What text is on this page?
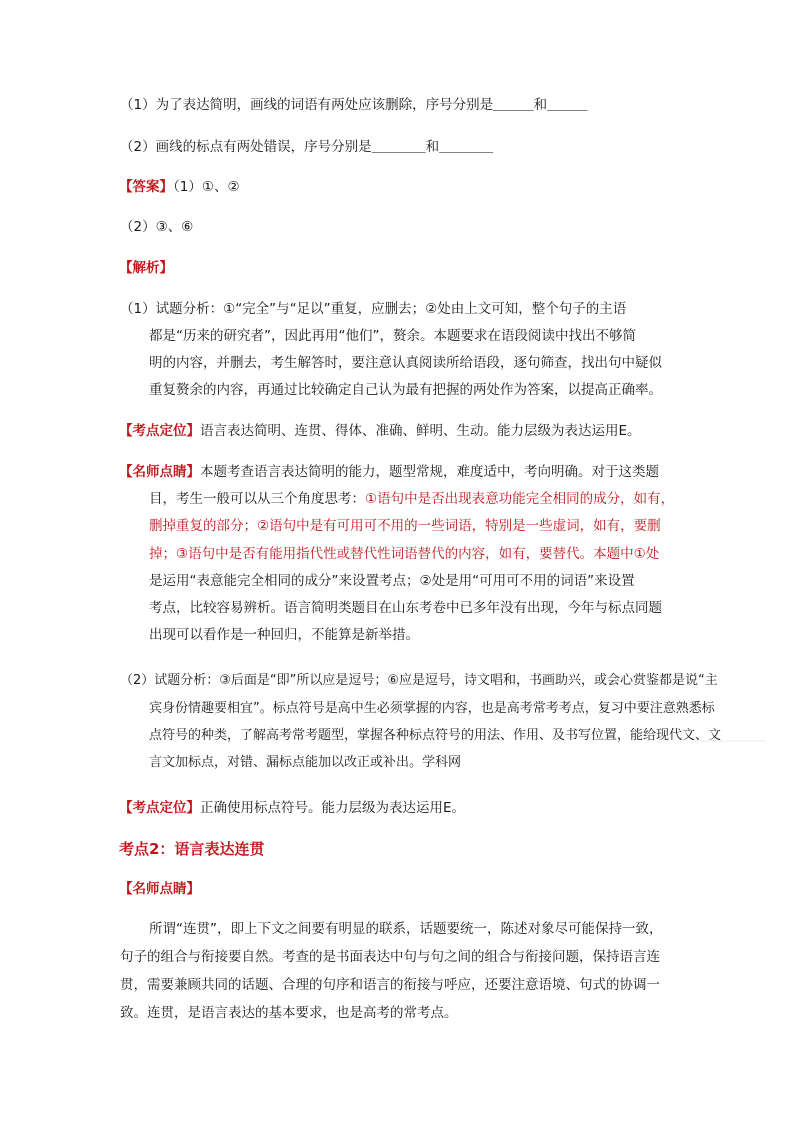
（1）为了表达简明，画线的词语有两处应该删除，序号分别是＿＿＿和＿＿＿
（2）画线的标点有两处错误，序号分别是＿＿＿＿和＿＿＿＿
【答案】（1）①、②
（2）③、⑥
【解析】
（1）试题分析：①“完全”与“足以”重复，应删去；②处由上文可知，整个句子的主语
都是“历来的研究者”，因此再用“他们”，赘余。本题要求在语段阅读中找出不够简
明的内容，并删去，考生解答时，要注意认真阅读所给语段，逐句筛查，找出句中疑似
重复赘余的内容，再通过比较确定自己认为最有把握的两处作为答案，以提高正确率。
【考点定位】语言表达简明、连贯、得体、准确、鲜明、生动。能力层级为表达运用E。
【名师点睛】本题考查语言表达简明的能力，题型常规，难度适中，考向明确。对于这类题
目，考生一般可以从三个角度思考：①语句中是否出现表意功能完全相同的成分，如有，
删掉重复的部分；②语句中是有可用可不用的一些词语，特别是一些虚词，如有，要删
掉；③语句中是否有能用指代性或替代性词语替代的内容，如有，要替代。本题中①处
是运用“表意能完全相同的成分”来设置考点；②处是用“可用可不用的词语”来设置
考点，比较容易辨析。语言简明类题目在山东考卷中已多年没有出现，今年与标点同题
出现可以看作是一种回归，不能算是新举措。
（2）试题分析：③后面是“即”所以应是逗号；⑥应是逗号，诗文唱和，书画助兴，或会心赏鉴都是说“主
宾身份情趣要相宜”。标点符号是高中生必须掌握的内容，也是高考常考考点，复习中要注意熟悉标
点符号的种类，了解高考常考题型，掌握各种标点符号的用法、作用、及书写位置，能给现代文、文
言文加标点，对错、漏标点能加以改正或补出。学科网
【考点定位】正确使用标点符号。能力层级为表达运用E。
考点2：语言表达连贯
【名师点睛】
所谓“连贯”，即上下文之间要有明显的联系，话题要统一，陈述对象尽可能保持一致，
句子的组合与衔接要自然。考查的是书面表达中句与句之间的组合与衔接问题，保持语言连
贯，需要兼顾共同的话题、合理的句序和语言的衔接与呼应，还要注意语境、句式的协调一
致。连贯，是语言表达的基本要求，也是高考的常考点。
